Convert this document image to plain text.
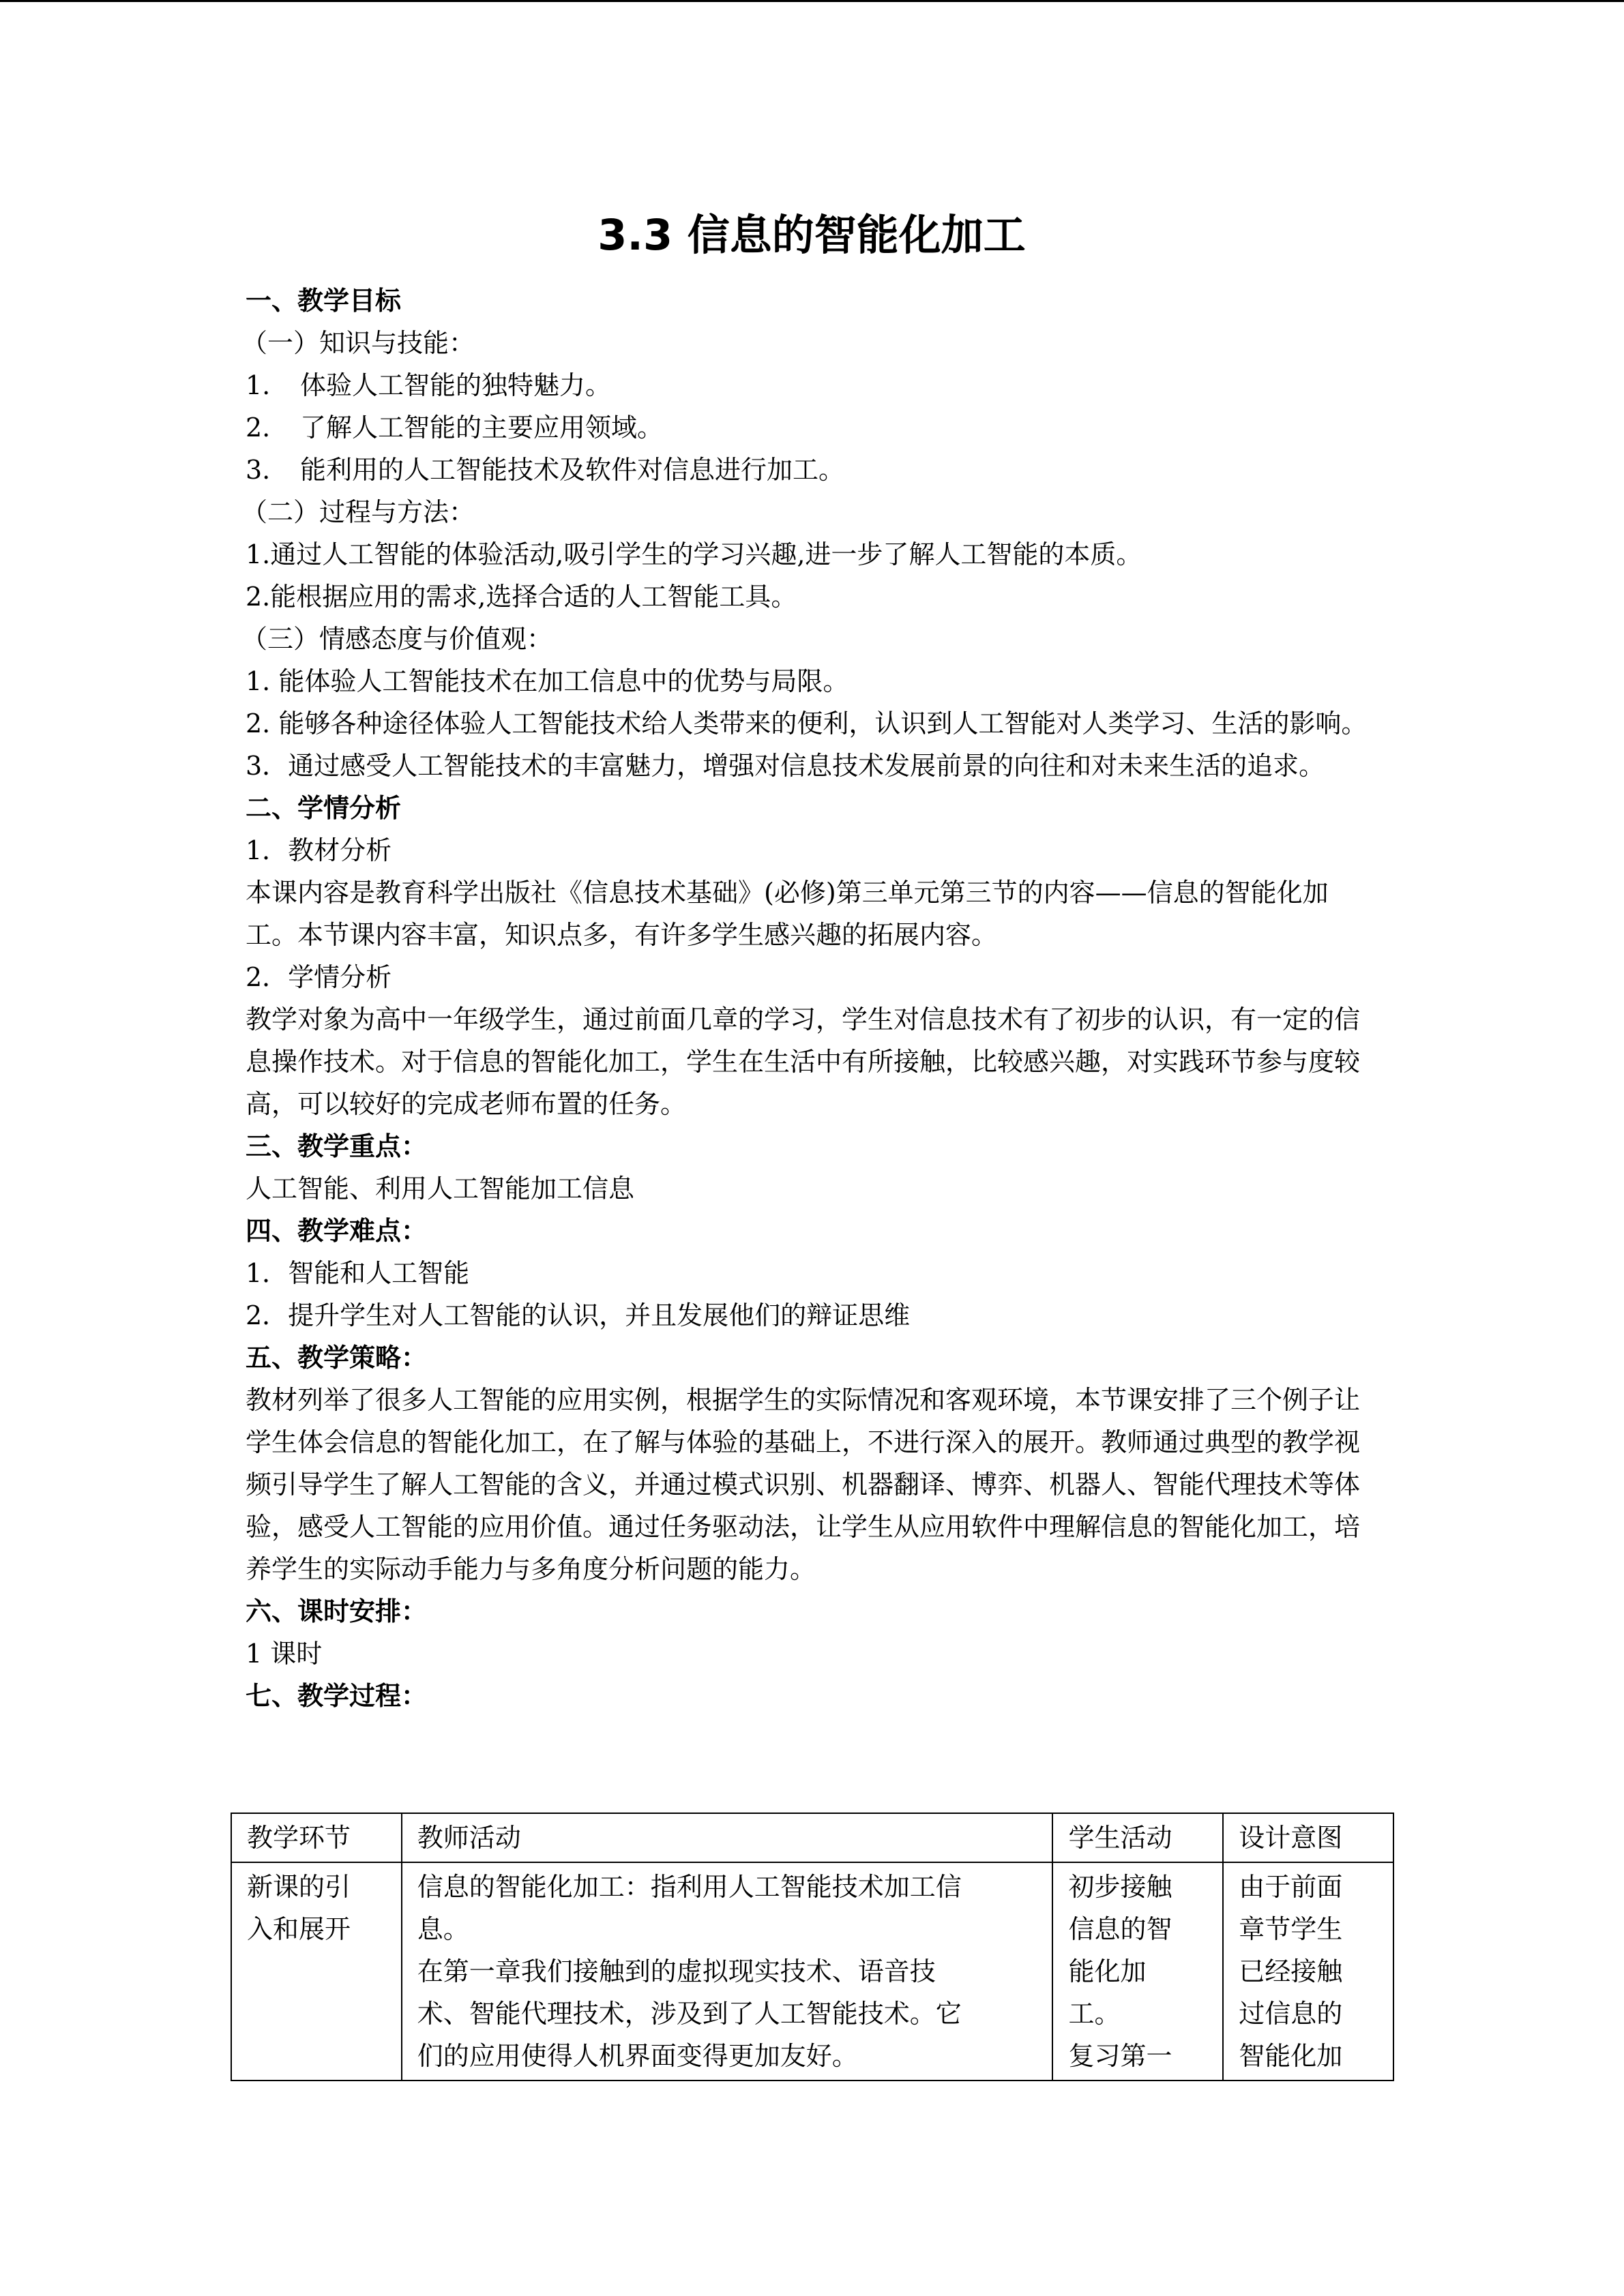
3.3 信息的智能化加工
一、教学目标
（一）知识与技能：
1.	体验人工智能的独特魅力。
2.	了解人工智能的主要应用领域。
3.	能利用的人工智能技术及软件对信息进行加工。
（二）过程与方法：
1.通过人工智能的体验活动,吸引学生的学习兴趣,进一步了解人工智能的本质。
2.能根据应用的需求,选择合适的人工智能工具。
（三）情感态度与价值观：
1. 能体验人工智能技术在加工信息中的优势与局限。
2. 能够各种途径体验人工智能技术给人类带来的便利，认识到人工智能对人类学习、生活的影响。
3．通过感受人工智能技术的丰富魅力，增强对信息技术发展前景的向往和对未来生活的追求。
二、学情分析
1．教材分析
本课内容是教育科学出版社《信息技术基础》(必修)第三单元第三节的内容——信息的智能化加工。本节课内容丰富，知识点多，有许多学生感兴趣的拓展内容。
2．学情分析
教学对象为高中一年级学生，通过前面几章的学习，学生对信息技术有了初步的认识，有一定的信息操作技术。对于信息的智能化加工，学生在生活中有所接触，比较感兴趣，对实践环节参与度较高，可以较好的完成老师布置的任务。
三、教学重点：
人工智能、利用人工智能加工信息
四、教学难点：
1．智能和人工智能
2．提升学生对人工智能的认识，并且发展他们的辩证思维
五、教学策略：
教材列举了很多人工智能的应用实例，根据学生的实际情况和客观环境，本节课安排了三个例子让学生体会信息的智能化加工，在了解与体验的基础上，不进行深入的展开。教师通过典型的教学视频引导学生了解人工智能的含义，并通过模式识别、机器翻译、博弈、机器人、智能代理技术等体验，感受人工智能的应用价值。通过任务驱动法，让学生从应用软件中理解信息的智能化加工，培养学生的实际动手能力与多角度分析问题的能力。
六、课时安排：
1 课时
七、教学过程：
教学环节	教师活动	学生活动	设计意图

新课的引
入和展开	信息的智能化加工：指利用人工智能技术加工信
息。
在第一章我们接触到的虚拟现实技术、语音技
术、智能代理技术，涉及到了人工智能技术。它
们的应用使得人机界面变得更加友好。	初步接触
信息的智
能化加
工。
复习第一	由于前面
章节学生
已经接触
过信息的
智能化加
